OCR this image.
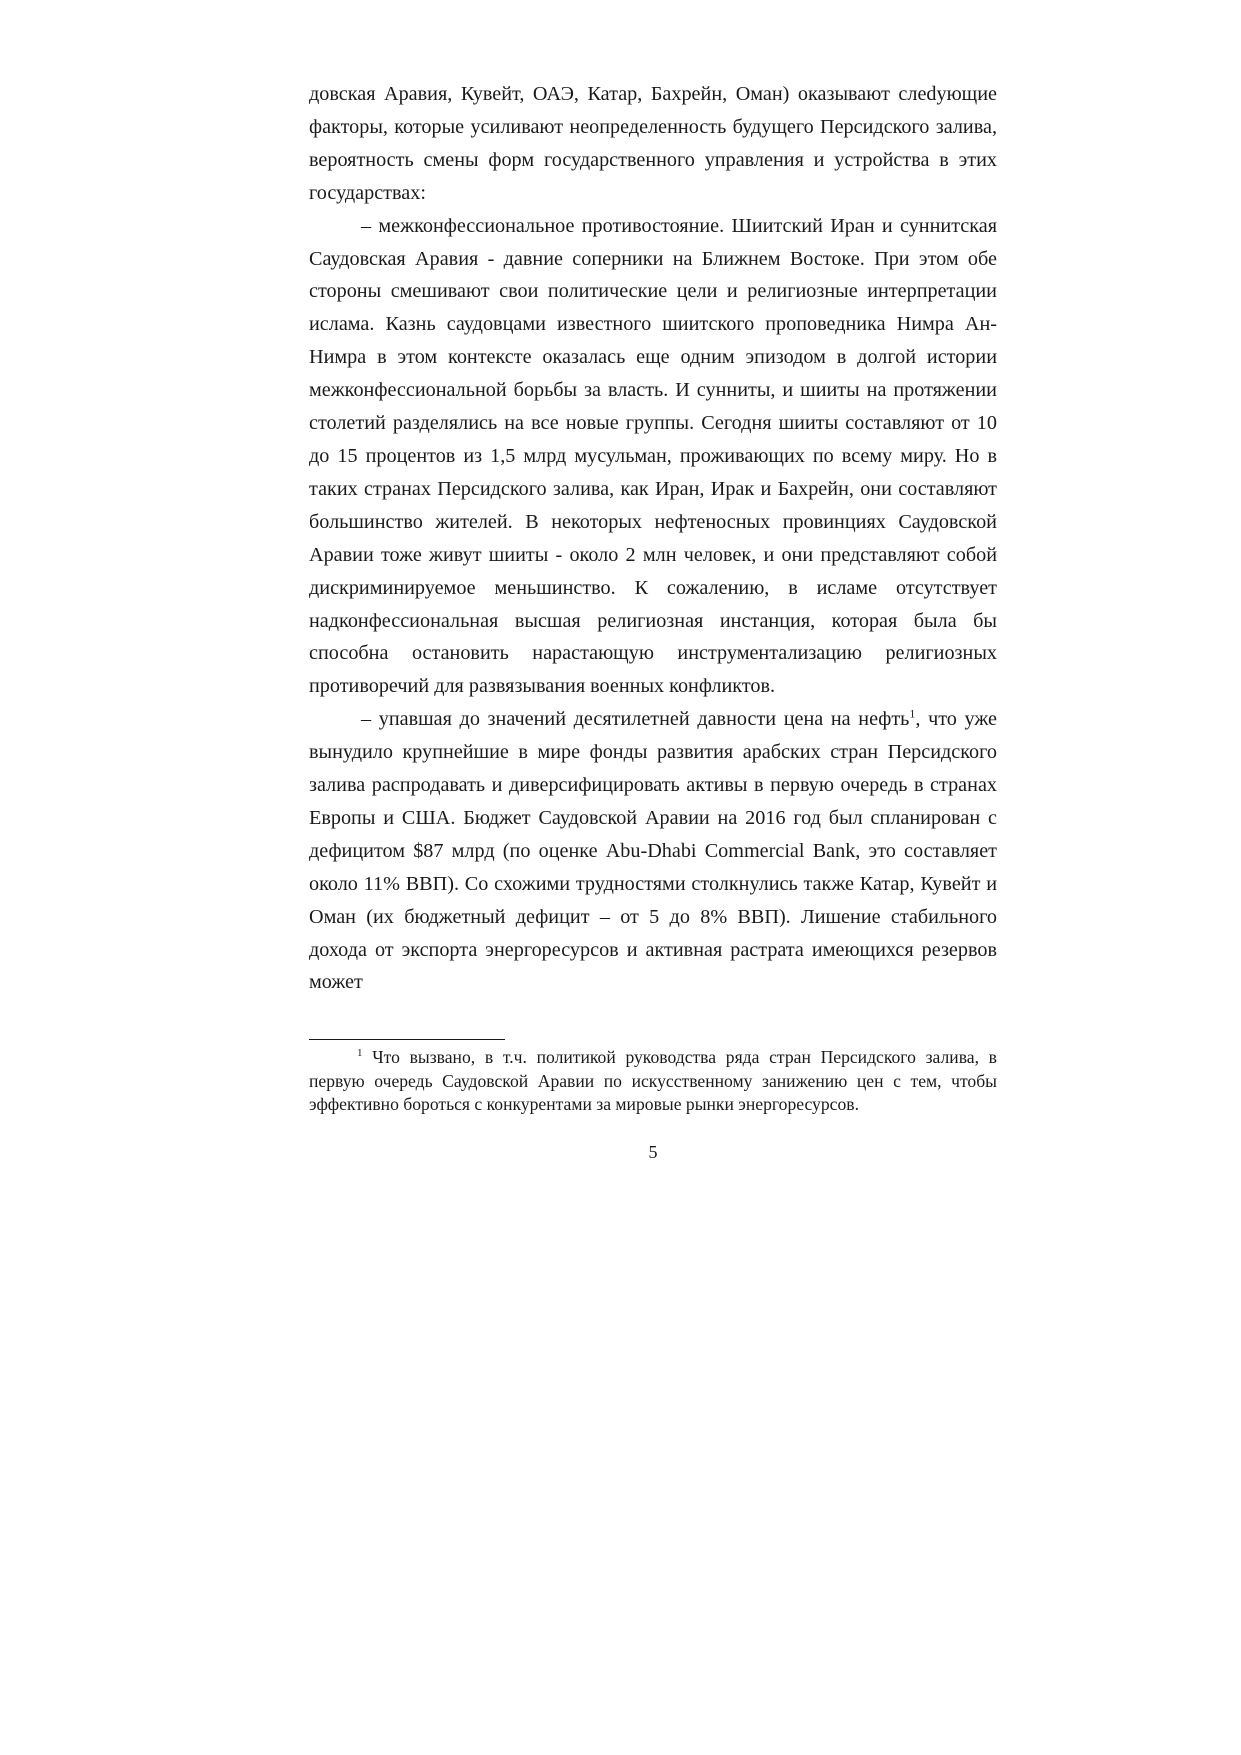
довская Аравия, Кувейт, ОАЭ, Катар, Бахрейн, Оман) оказывают слеdующие факторы, которые усиливают неопределенность будущего Персидского залива, вероятность смены форм государственного управления и устройства в этих государствах:

– межконфессиональное противостояние. Шиитский Иран и суннитская Саудовская Аравия - давние соперники на Ближнем Востоке. При этом обе стороны смешивают свои политические цели и религиозные интерпретации ислама. Казнь саудовцами известного шиитского проповедника Нимра Ан-Нимра в этом контексте оказалась еще одним эпизодом в долгой истории межконфессиональной борьбы за власть. И сунниты, и шииты на протяжении столетий разделялись на все новые группы. Сегодня шииты составляют от 10 до 15 процентов из 1,5 млрд мусульман, проживающих по всему миру. Но в таких странах Персидского залива, как Иран, Ирак и Бахрейн, они составляют большинство жителей. В некоторых нефтеносных провинциях Саудовской Аравии тоже живут шииты - около 2 млн человек, и они представляют собой дискриминируемое меньшинство. К сожалению, в исламе отсутствует надконфессиональная высшая религиозная инстанция, которая была бы способна остановить нарастающую инструментализацию религиозных противоречий для развязывания военных конфликтов.

– упавшая до значений десятилетней давности цена на нефть$^1$, что уже вынудило крупнейшие в мире фонды развития арабских стран Персидского залива распродавать и диверсифицировать активы в первую очередь в странах Европы и США. Бюджет Саудовской Аравии на 2016 год был спланирован с дефицитом $87 млрд (по оценке Abu-Dhabi Commercial Bank, это составляет около 11% ВВП). Со схожими трудностями столкнулись также Катар, Кувейт и Оман (их бюджетный дефицит – от 5 до 8% ВВП). Лишение стабильного дохода от экспорта энергоресурсов и активная растрата имеющихся резервов может

$^1$ Что вызвано, в т.ч. политикой руководства ряда стран Персидского залива, в первую очередь Саудовской Аравии по искусственному занижению цен с тем, чтобы эффективно бороться с конкурентами за мировые рынки энергоресурсов.

5
